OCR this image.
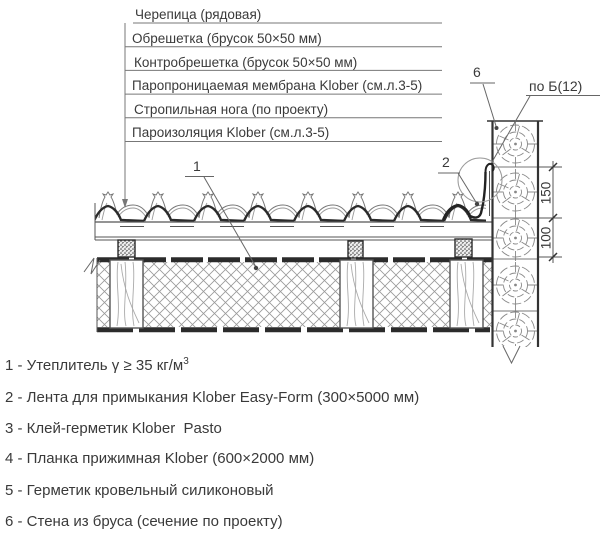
Черепица (рядовая)
Обрешетка (брусок 50×50 мм)
Контробрешетка (брусок 50×50 мм)
Паропроницаемая мембрана Klober (см.л.3-5)
Стропильная нога (по проекту)
Пароизоляция Klober (см.л.3-5)
1	2
6
по Б(12)
150
100
1 - Утеплитель γ ≥ 35 $кг/м^3$
2 - Лента для примыкания Klober Easy-Form (300×5000 мм)
3 - Клей-герметик Klober  Pasto
4 - Планка прижимная Klober (600×2000 мм)
5 - Герметик кровельный силиконовый
6 - Стена из бруса (сечение по проекту)
